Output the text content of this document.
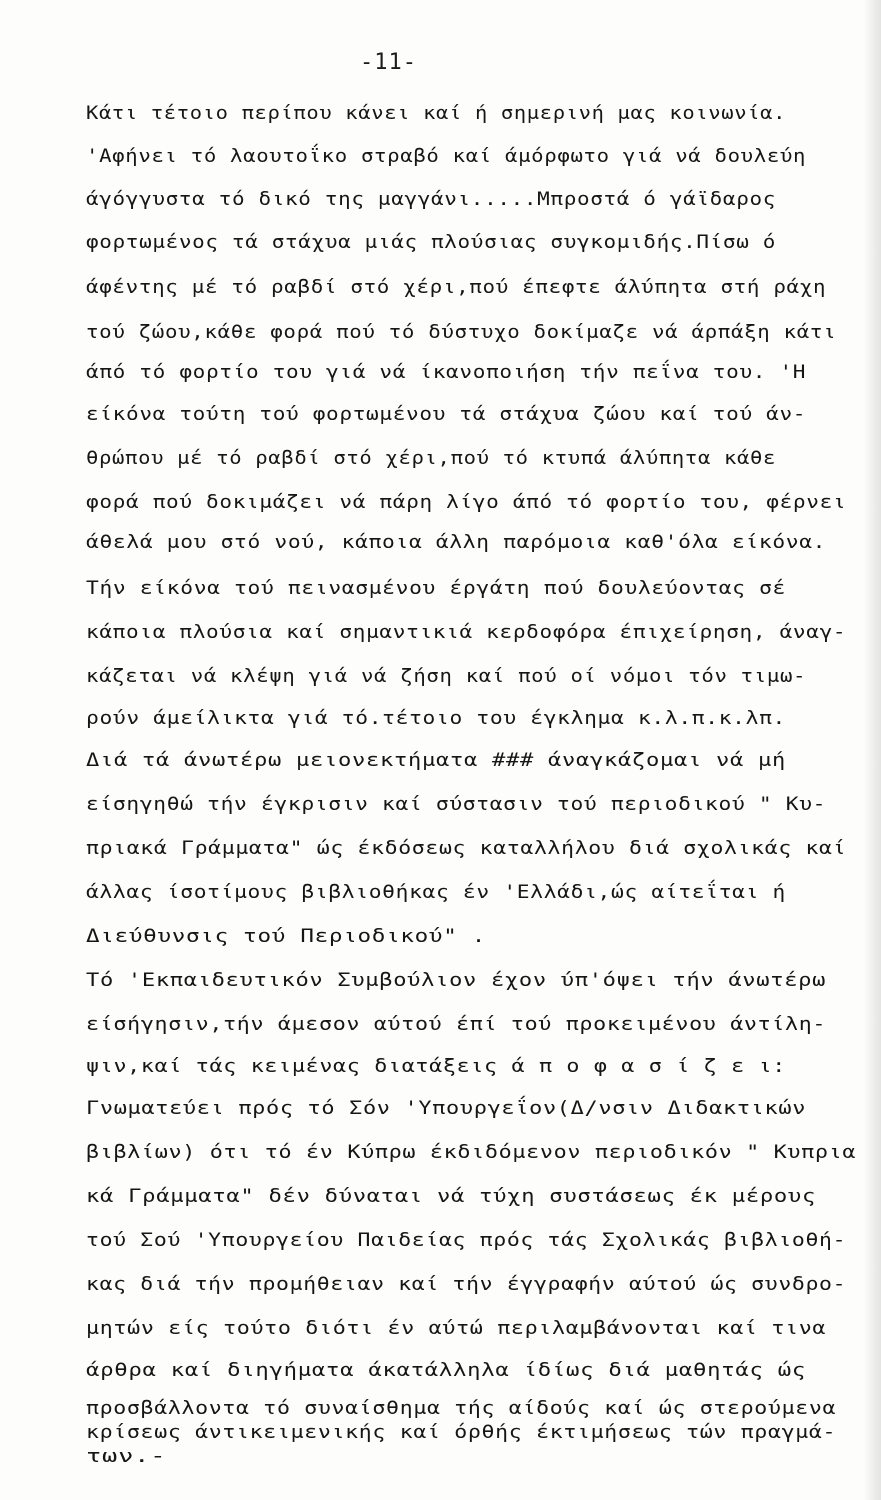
-11-
Κάτι τέτοιο περίπου κάνει καί ή σημερινή μας κοινωνία.
'Αφήνει τό λαουτοΐκο στραβό καί άμόρφωτο γιά νά δουλεύη
άγόγγυστα τό δικό της μαγγάνι.....Μπροστά ό γάϊδαρος
φορτωμένος τά στάχυα μιάς πλούσιας συγκομιδής.Πίσω ό
άφέντης μέ τό ραβδί στό χέρι,πού έπεφτε άλύπητα στή ράχη
τού ζώου,κάθε φορά πού τό δύστυχο δοκίμαζε νά άρπάξη κάτι
άπό τό φορτίο του γιά νά ίκανοποιήση τήν πεΐνα του. 'Η
είκόνα τούτη τού φορτωμένου τά στάχυα ζώου καί τού άν-
θρώπου μέ τό ραβδί στό χέρι,πού τό κτυπά άλύπητα κάθε
φορά πού δοκιμάζει νά πάρη λίγο άπό τό φορτίο του, φέρνει
άθελά μου στό νού, κάποια άλλη παρόμοια καθ'όλα είκόνα.
Τήν είκόνα τού πεινασμένου έργάτη πού δουλεύοντας σέ
κάποια πλούσια καί σημαντικιά κερδοφόρα έπιχείρηση, άναγ-
κάζεται νά κλέψη γιά νά ζήση καί πού οί νόμοι τόν τιμω-
ρούν άμείλικτα γιά τό.τέτοιο του έγκλημα κ.λ.π.κ.λπ.
Διά τά άνωτέρω μειονεκτήματα ### άναγκάζομαι νά μή
είσηγηθώ τήν έγκρισιν καί σύστασιν τού περιοδικού " Κυ-
πριακά Γράμματα" ώς έκδόσεως καταλλήλου διά σχολικάς καί
άλλας ίσοτίμους βιβλιοθήκας έν 'Ελλάδι,ώς αίτεΐται ή
Διεύθυνσις τού Περιοδικού" .
Τό 'Εκπαιδευτικόν Συμβούλιον έχον ύπ'όψει τήν άνωτέρω
είσήγησιν,τήν άμεσον αύτού έπί τού προκειμένου άντίλη-
ψιν,καί τάς κειμένας διατάξεις ά π ο φ α σ ί ζ ε ι:
Γνωματεύει πρός τό Σόν 'Υπουργεΐον(Δ/νσιν Διδακτικών
βιβλίων) ότι τό έν Κύπρω έκδιδόμενον περιοδικόν " Κυπρια
κά Γράμματα" δέν δύναται νά τύχη συστάσεως έκ μέρους
τού Σού 'Υπουργείου Παιδείας πρός τάς Σχολικάς βιβλιοθή-
κας διά τήν προμήθειαν καί τήν έγγραφήν αύτού ώς συνδρο-
μητών είς τούτο διότι έν αύτώ περιλαμβάνονται καί τινα
άρθρα καί διηγήματα άκατάλληλα ίδίως διά μαθητάς ώς
προσβάλλοντα τό συναίσθημα τής αίδούς καί ώς στερούμενα
κρίσεως άντικειμενικής καί όρθής έκτιμήσεως τών πραγμά-
των.-
